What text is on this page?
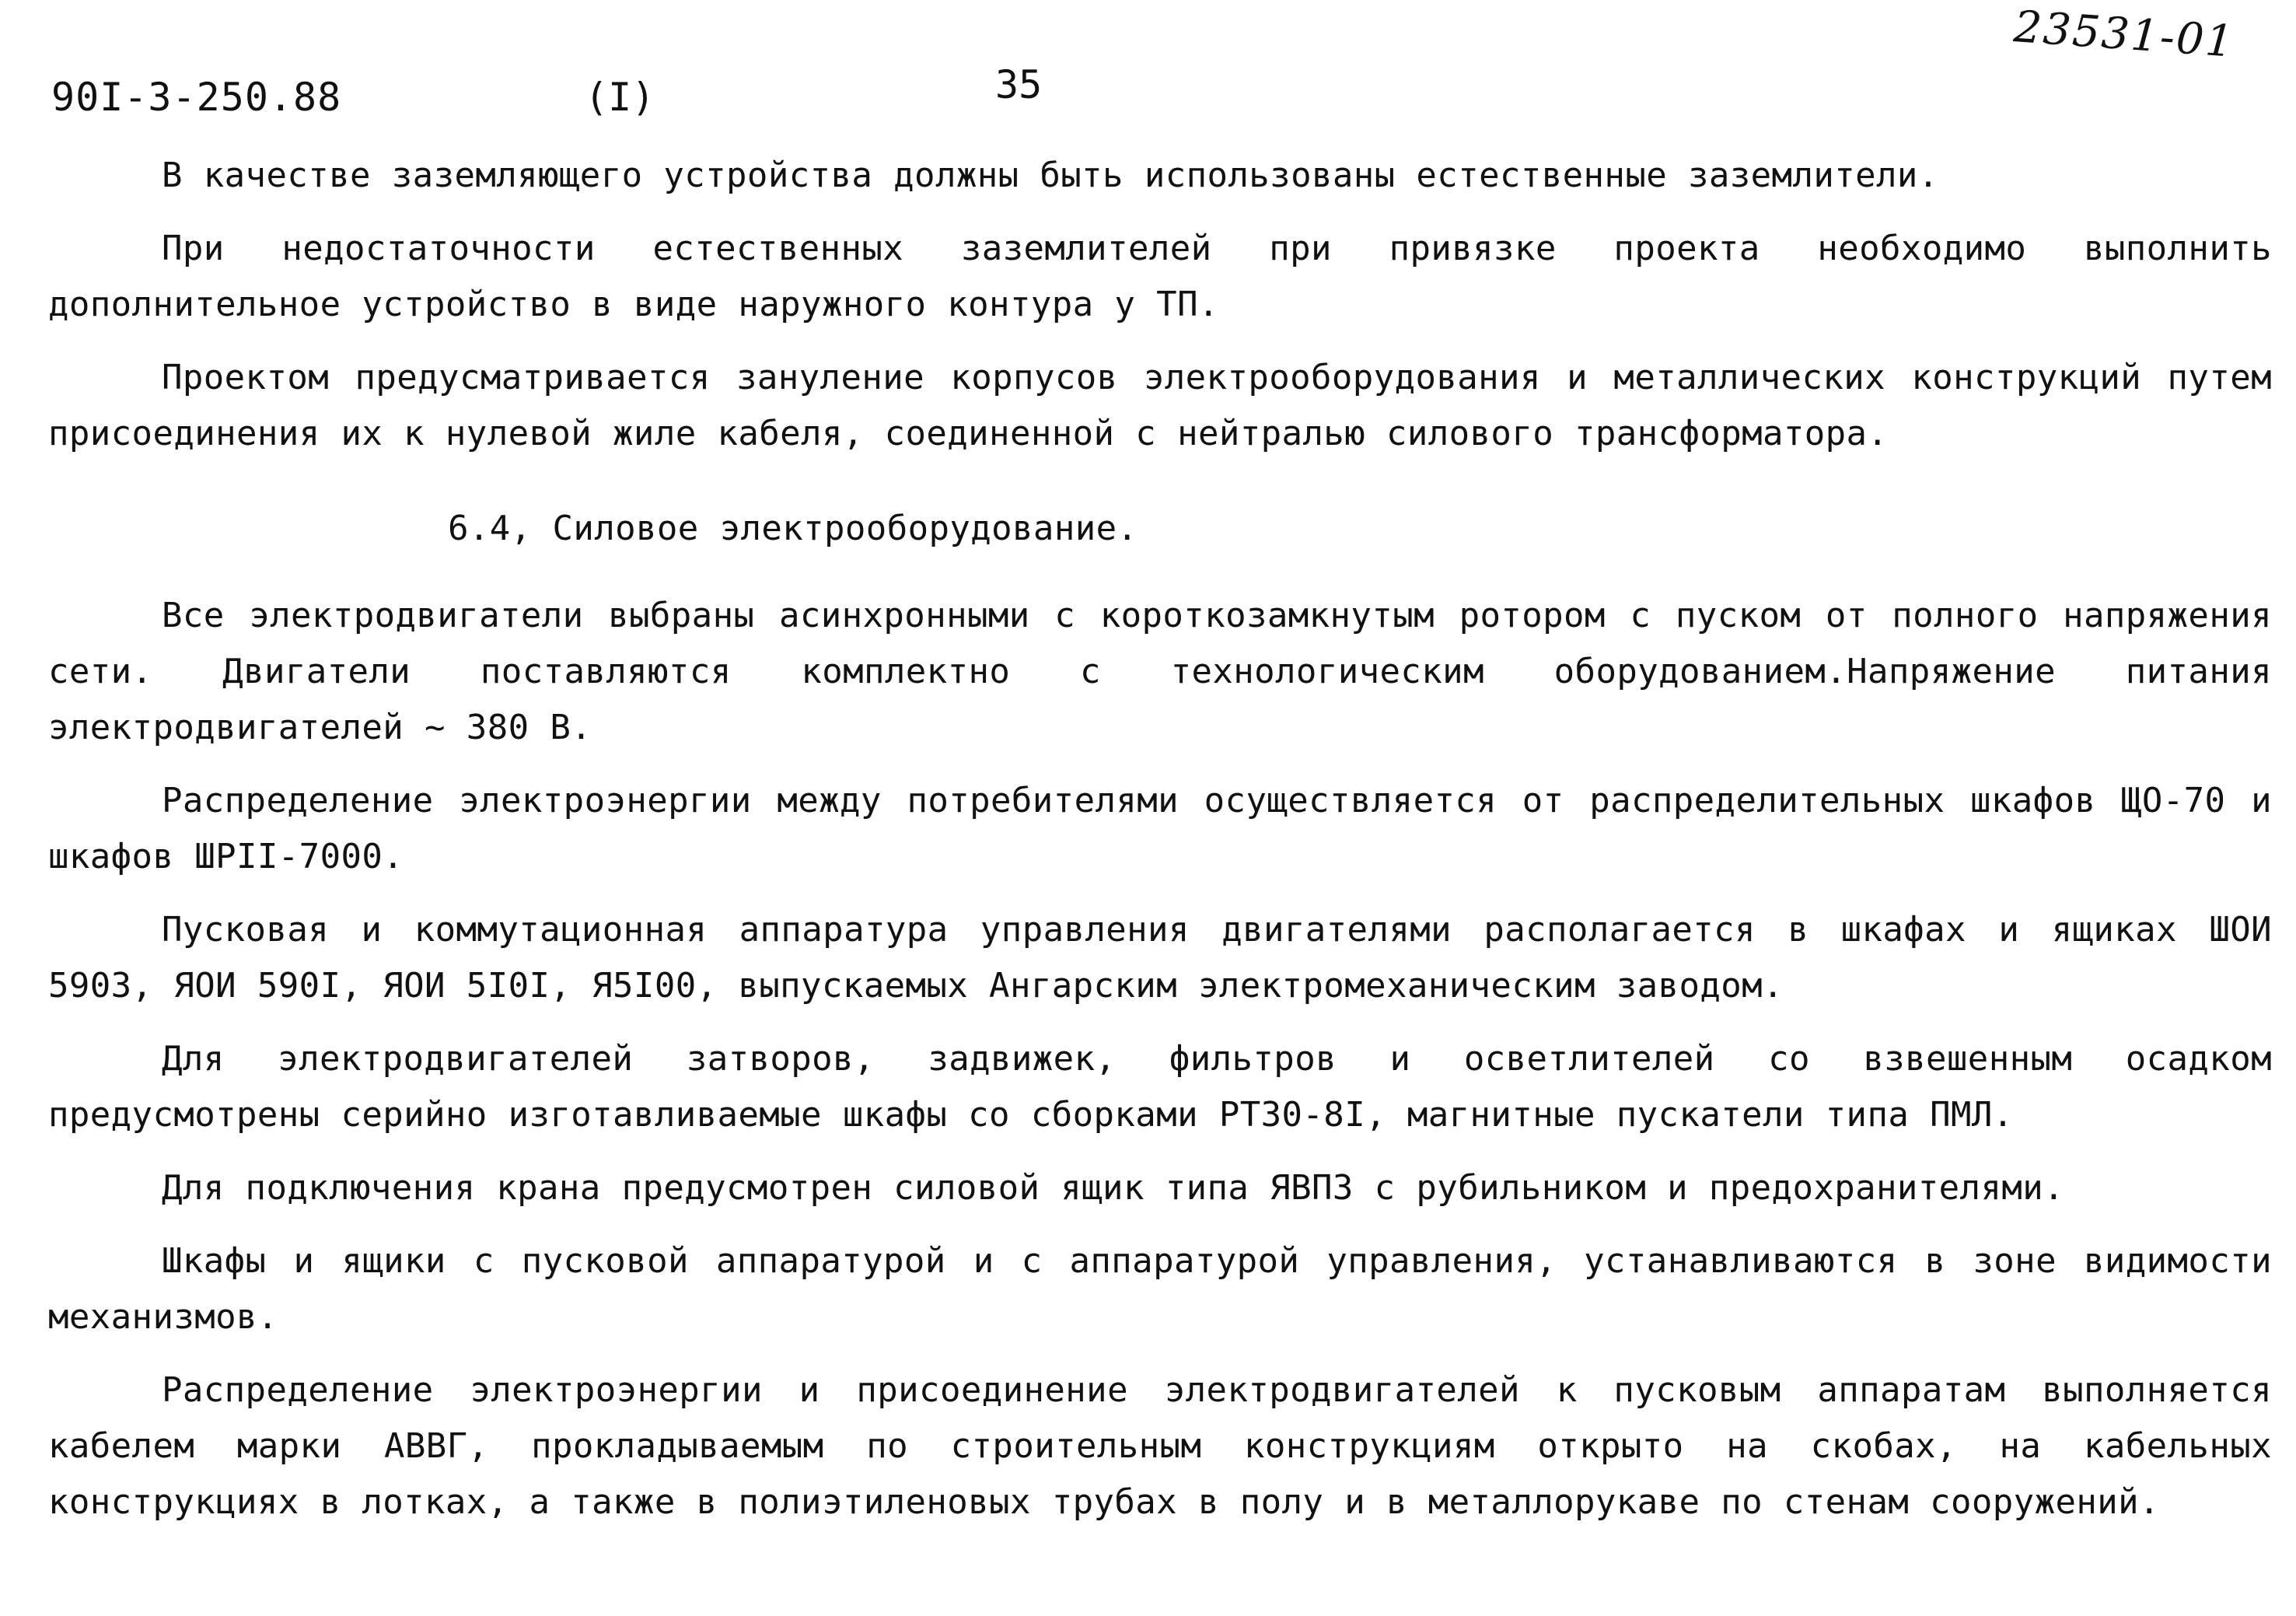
90I-3-250.88	(I)	35
23531-01

В качестве заземляющего устройства должны быть использованы естественные заземлители.

При недостаточности естественных заземлителей при привязке проекта необходимо выполнить дополнительное устройство в виде наружного контура у ТП.

Проектом предусматривается зануление корпусов электрооборудования и металлических конструкций путем присоединения их к нулевой жиле кабеля, соединенной с нейтралью силового трансформатора.

6.4, Силовое электрооборудование.

Все электродвигатели выбраны асинхронными с короткозамкнутым ротором с пуском от полного напряжения сети. Двигатели поставляются комплектно с технологическим оборудованием.Напряжение питания электродвигателей ~ 380 В.

Распределение электроэнергии между потребителями осуществляется от распределительных шкафов ЩО-70 и шкафов ШРII-7000.

Пусковая и коммутационная аппаратура управления двигателями располагается в шкафах и ящиках ШОИ 5903, ЯОИ 590I, ЯОИ 5I0I, Я5I00, выпускаемых Ангарским электромеханическим заводом.

Для электродвигателей затворов, задвижек, фильтров и осветлителей со взвешенным осадком предусмотрены серийно изготавливаемые шкафы со сборками РТ30-8I, магнитные пускатели типа ПМЛ.

Для подключения крана предусмотрен силовой ящик типа ЯВПЗ с рубильником и предохранителями.

Шкафы и ящики с пусковой аппаратурой и с аппаратурой управления, устанавливаются в зоне видимости механизмов.

Распределение электроэнергии и присоединение электродвигателей к пусковым аппаратам выполняется кабелем марки АВВГ, прокладываемым по строительным конструкциям открыто на скобах, на кабельных конструкциях в лотках, а также в полиэтиленовых трубах в полу и в металлорукаве по стенам сооружений.
